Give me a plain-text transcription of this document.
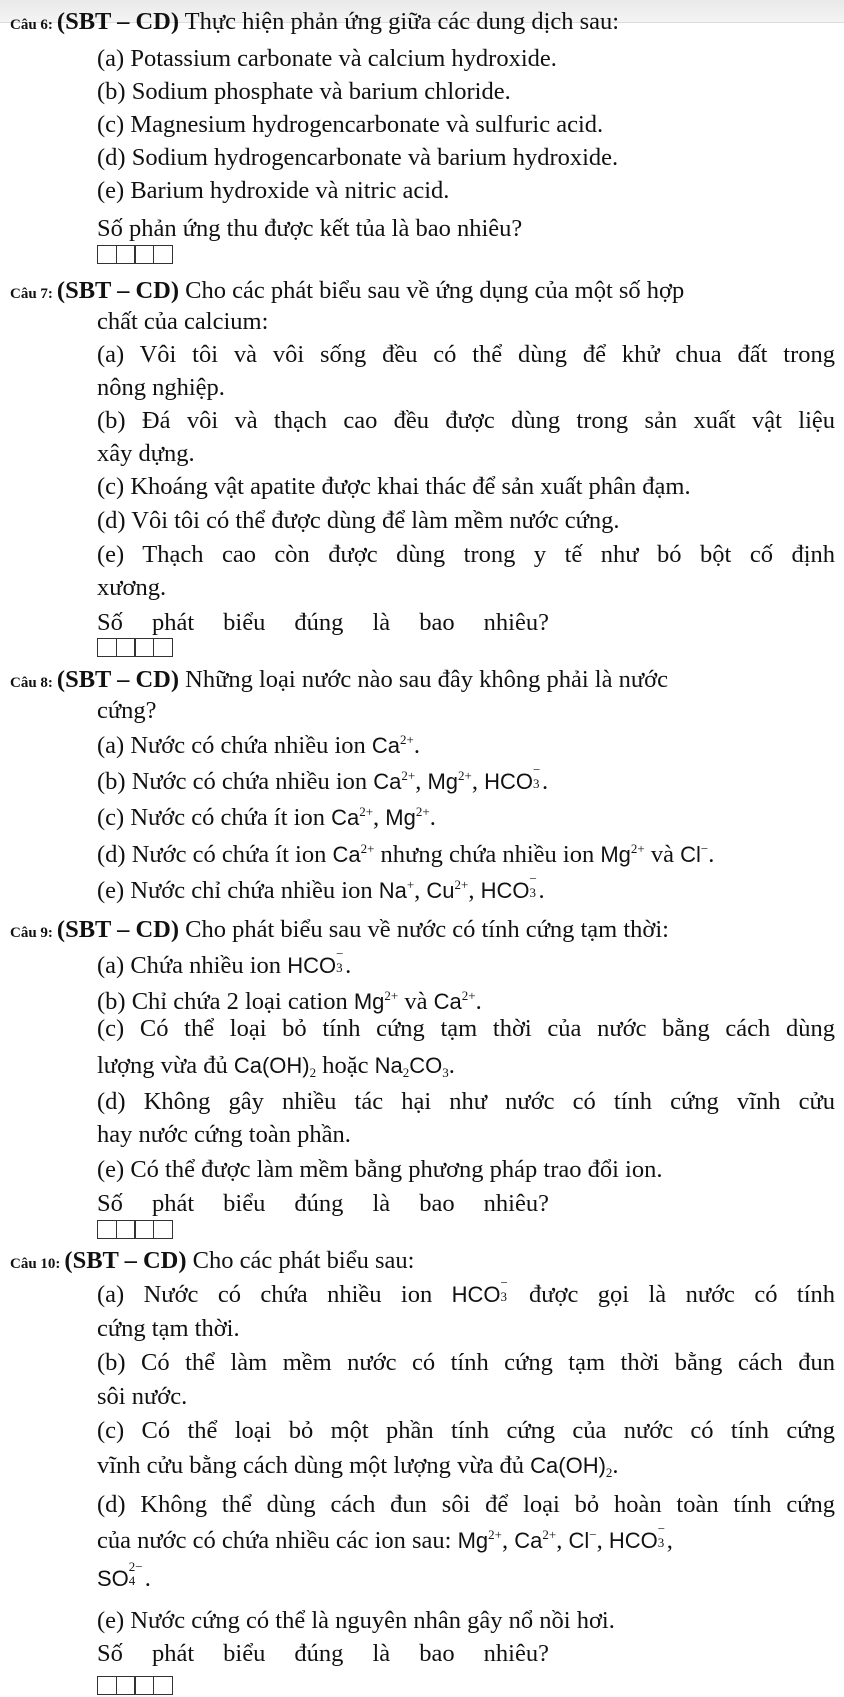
Câu 6: (SBT – CD) Thực hiện phản ứng giữa các dung dịch sau:
(a) Potassium carbonate và calcium hydroxide.
(b) Sodium phosphate và barium chloride.
(c) Magnesium hydrogencarbonate và sulfuric acid.
(d) Sodium hydrogencarbonate và barium hydroxide.
(e) Barium hydroxide và nitric acid.
Số phản ứng thu được kết tủa là bao nhiêu?
Câu 7: (SBT – CD) Cho các phát biểu sau về ứng dụng của một số hợp
chất của calcium:
(a) Vôi tôi và vôi sống đều có thể dùng để khử chua đất trong
nông nghiệp.
(b) Đá vôi và thạch cao đều được dùng trong sản xuất vật liệu
xây dựng.
(c) Khoáng vật apatite được khai thác để sản xuất phân đạm.
(d) Vôi tôi có thể được dùng để làm mềm nước cứng.
(e) Thạch cao còn được dùng trong y tế như bó bột cố định
xương.
Số phát biểu đúng là bao nhiêu?
Câu 8: (SBT – CD) Những loại nước nào sau đây không phải là nước
cứng?
(a) Nước có chứa nhiều ion $Ca^{2+}$.
(b) Nước có chứa nhiều ion $Ca^{2+}$, $Mg^{2+}$, HCO −
3 .
(c) Nước có chứa ít ion $Ca^{2+}$, $Mg^{2+}$.
(d) Nước có chứa ít ion $Ca^{2+}$ nhưng chứa nhiều ion $Mg^{2+}$ và Cl−.
(e) Nước chỉ chứa nhiều ion Na+, $Cu^{2+}$, HCO −
3 .
Câu 9: (SBT – CD) Cho phát biểu sau về nước có tính cứng tạm thời:
(a) Chứa nhiều ion HCO −
3 .
(b) Chỉ chứa 2 loại cation $Mg^{2+}$ và $Ca^{2+}$.
(c) Có thể loại bỏ tính cứng tạm thời của nước bằng cách dùng
lượng vừa đủ $Ca(OH)_2$ hoặc $Na_2CO_3$.
(d) Không gây nhiều tác hại như nước có tính cứng vĩnh cửu
hay nước cứng toàn phần.
(e) Có thể được làm mềm bằng phương pháp trao đổi ion.
Số phát biểu đúng là bao nhiêu?
Câu 10: (SBT – CD) Cho các phát biểu sau:
(a) Nước có chứa nhiều ion HCO −
3 được gọi là nước có tính
cứng tạm thời.
(b) Có thể làm mềm nước có tính cứng tạm thời bằng cách đun
sôi nước.
(c) Có thể loại bỏ một phần tính cứng của nước có tính cứng
vĩnh cửu bằng cách dùng một lượng vừa đủ $Ca(OH)_2$.
(d) Không thể dùng cách đun sôi để loại bỏ hoàn toàn tính cứng
của nước có chứa nhiều các ion sau: $Mg^{2+}$, $Ca^{2+}$, Cl−, HCO −
3 ,
SO 2−
4 .
(e) Nước cứng có thể là nguyên nhân gây nổ nồi hơi.
Số phát biểu đúng là bao nhiêu?
